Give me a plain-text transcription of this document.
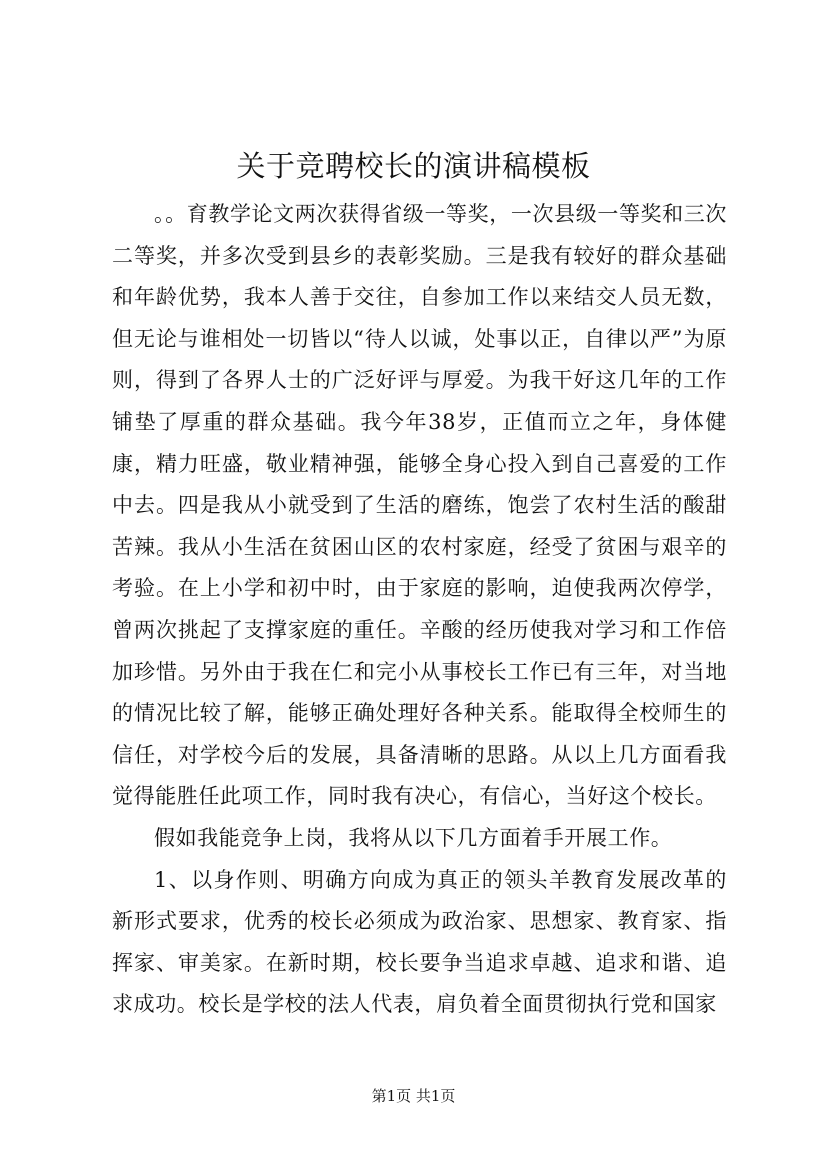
关于竞聘校长的演讲稿模板

。。育教学论文两次获得省级一等奖，一次县级一等奖和三次二等奖，并多次受到县乡的表彰奖励。三是我有较好的群众基础和年龄优势，我本人善于交往，自参加工作以来结交人员无数，但无论与谁相处一切皆以“待人以诚，处事以正，自律以严”为原则，得到了各界人士的广泛好评与厚爱。为我干好这几年的工作铺垫了厚重的群众基础。我今年38岁，正值而立之年，身体健康，精力旺盛，敬业精神强，能够全身心投入到自己喜爱的工作中去。四是我从小就受到了生活的磨练，饱尝了农村生活的酸甜苦辣。我从小生活在贫困山区的农村家庭，经受了贫困与艰辛的考验。在上小学和初中时，由于家庭的影响，迫使我两次停学，曾两次挑起了支撑家庭的重任。辛酸的经历使我对学习和工作倍加珍惜。另外由于我在仁和完小从事校长工作已有三年，对当地的情况比较了解，能够正确处理好各种关系。能取得全校师生的信任，对学校今后的发展，具备清晰的思路。从以上几方面看我觉得能胜任此项工作，同时我有决心，有信心，当好这个校长。

假如我能竞争上岗，我将从以下几方面着手开展工作。

1、以身作则、明确方向成为真正的领头羊教育发展改革的新形式要求，优秀的校长必须成为政治家、思想家、教育家、指挥家、审美家。在新时期，校长要争当追求卓越、追求和谐、追求成功。校长是学校的法人代表，肩负着全面贯彻执行党和国家

第1页 共1页
